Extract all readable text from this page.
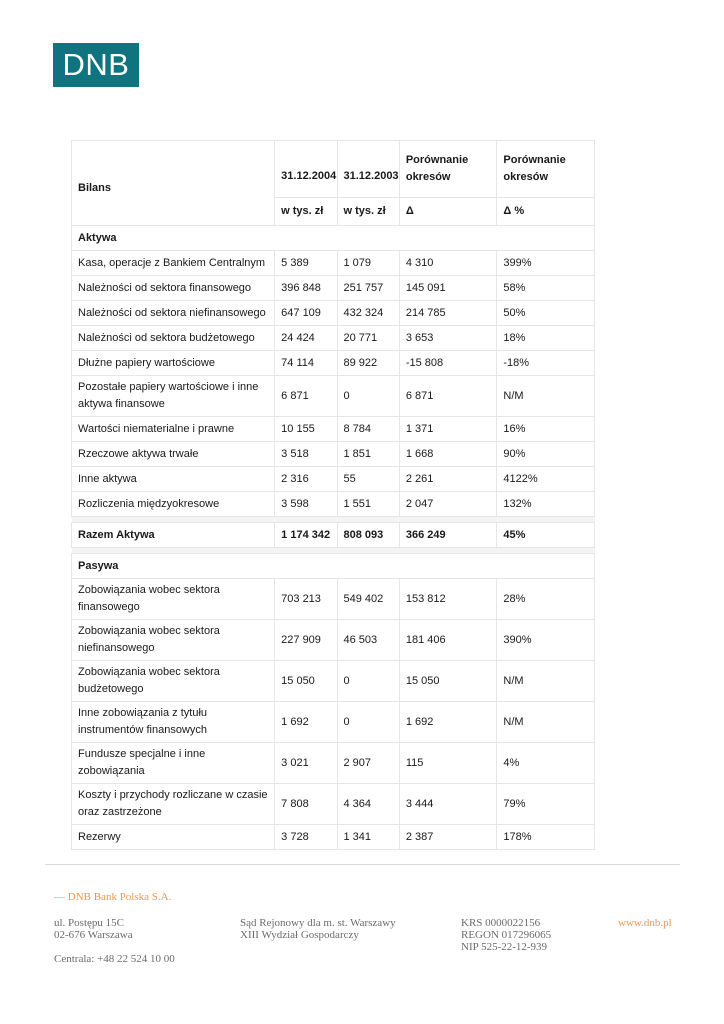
DNB
Bilans	31.12.2004	31.12.2003	Porównanie okresów	Porównanie okresów
	w tys. zł	w tys. zł	Δ	Δ %
Aktywa				
Kasa, operacje z Bankiem Centralnym	5 389	1 079	4 310	399%
Należności od sektora finansowego	396 848	251 757	145 091	58%
Należności od sektora niefinansowego	647 109	432 324	214 785	50%
Należności od sektora budżetowego	24 424	20 771	3 653	18%
Dłużne papiery wartościowe	74 114	89 922	-15 808	-18%
Pozostałe papiery wartościowe i inne aktywa finansowe	6 871	0	6 871	N/M
Wartości niematerialne i prawne	10 155	8 784	1 371	16%
Rzeczowe aktywa trwałe	3 518	1 851	1 668	90%
Inne aktywa	2 316	55	2 261	4122%
Rozliczenia międzyokresowe	3 598	1 551	2 047	132%

Razem Aktywa	1 174 342	808 093	366 249	45%

Pasywa				
Zobowiązania wobec sektora finansowego	703 213	549 402	153 812	28%
Zobowiązania wobec sektora niefinansowego	227 909	46 503	181 406	390%
Zobowiązania wobec sektora budżetowego	15 050	0	15 050	N/M
Inne zobowiązania z tytułu instrumentów finansowych	1 692	0	1 692	N/M
Fundusze specjalne i inne zobowiązania	3 021	2 907	115	4%
Koszty i przychody rozliczane w czasie oraz zastrzeżone	7 808	4 364	3 444	79%
Rezerwy	3 728	1 341	2 387	178%
— DNB Bank Polska S.A.
ul. Postępu 15C
02-676 Warszawa
Centrala: +48 22 524 10 00
Sąd Rejonowy dla m. st. Warszawy
XIII Wydział Gospodarczy
KRS 0000022156
REGON 017296065
NIP 525-22-12-939
www.dnb.pl
